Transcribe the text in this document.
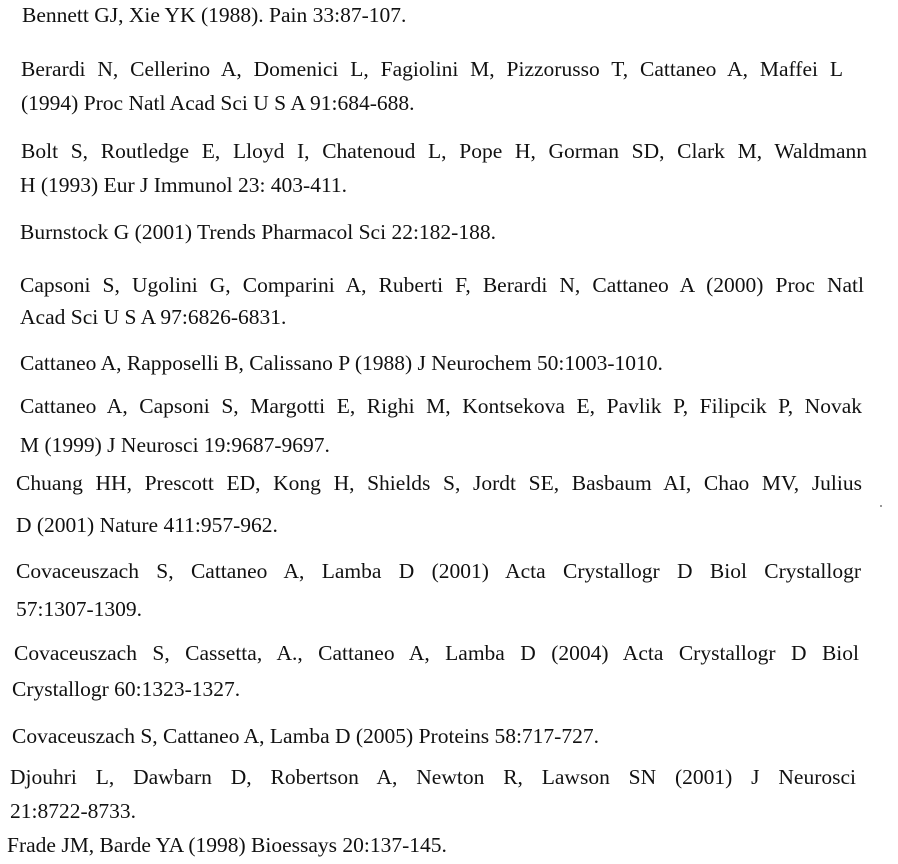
Bennett GJ, Xie YK (1988). Pain 33:87-107.
Berardi N, Cellerino A, Domenici L, Fagiolini M, Pizzorusso T, Cattaneo A, Maffei L
(1994) Proc Natl Acad Sci U S A 91:684-688.
Bolt S, Routledge E, Lloyd I, Chatenoud L, Pope H, Gorman SD, Clark M, Waldmann
H (1993) Eur J Immunol 23: 403-411.
Burnstock G (2001) Trends Pharmacol Sci 22:182-188.
Capsoni S, Ugolini G, Comparini A, Ruberti F, Berardi N, Cattaneo A (2000) Proc Natl
Acad Sci U S A 97:6826-6831.
Cattaneo A, Rapposelli B, Calissano P (1988) J Neurochem 50:1003-1010.
Cattaneo A, Capsoni S, Margotti E, Righi M, Kontsekova E, Pavlik P, Filipcik P, Novak
M (1999) J Neurosci 19:9687-9697.
Chuang HH, Prescott ED, Kong H, Shields S, Jordt SE, Basbaum AI, Chao MV, Julius
D (2001) Nature 411:957-962.
Covaceuszach S, Cattaneo A, Lamba D (2001) Acta Crystallogr D Biol Crystallogr
57:1307-1309.
Covaceuszach S, Cassetta, A., Cattaneo A, Lamba D (2004) Acta Crystallogr D Biol
Crystallogr 60:1323-1327.
Covaceuszach S, Cattaneo A, Lamba D (2005) Proteins 58:717-727.
Djouhri L, Dawbarn D, Robertson A, Newton R, Lawson SN (2001) J Neurosci
21:8722-8733.
Frade JM, Barde YA (1998) Bioessays 20:137-145.
